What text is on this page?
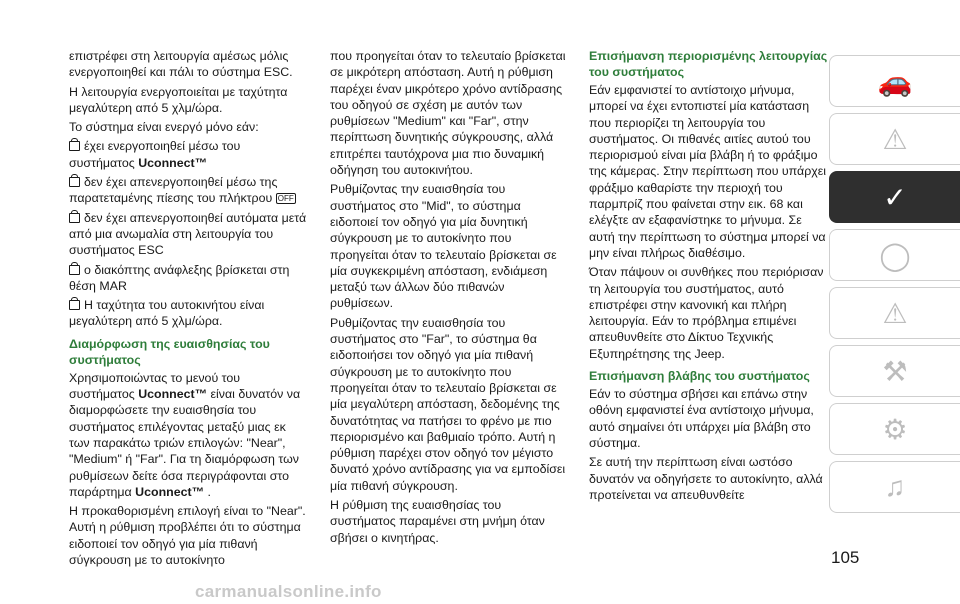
επιστρέφει στη λειτουργία αμέσως μόλις ενεργοποιηθεί και πάλι το σύστημα ESC.

Η λειτουργία ενεργοποιείται με ταχύτητα μεγαλύτερη από 5 χλμ/ώρα.

Το σύστημα είναι ενεργό μόνο εάν:

έχει ενεργοποιηθεί μέσω του συστήματος Uconnect™

δεν έχει απενεργοποιηθεί μέσω της παρατεταμένης πίεσης του πλήκτρου OFF

δεν έχει απενεργοποιηθεί αυτόματα μετά από μια ανωμαλία στη λειτουργία του συστήματος ESC

ο διακόπτης ανάφλεξης βρίσκεται στη θέση MAR

Η ταχύτητα του αυτοκινήτου είναι μεγαλύτερη από 5 χλμ/ώρα.

Διαμόρφωση της ευαισθησίας του συστήματος

Χρησιμοποιώντας το μενού του συστήματος Uconnect™ είναι δυνατόν να διαμορφώσετε την ευαισθησία του συστήματος επιλέγοντας μεταξύ μιας εκ των παρακάτω τριών επιλογών: "Near", "Medium" ή "Far". Για τη διαμόρφωση των ρυθμίσεων δείτε όσα περιγράφονται στο παράρτημα Uconnect™ .

Η προκαθορισμένη επιλογή είναι το "Near". Αυτή η ρύθμιση προβλέπει ότι το σύστημα ειδοποιεί τον οδηγό για μία πιθανή σύγκρουση με το αυτοκίνητο

που προηγείται όταν το τελευταίο βρίσκεται σε μικρότερη απόσταση. Αυτή η ρύθμιση παρέχει έναν μικρότερο χρόνο αντίδρασης του οδηγού σε σχέση με αυτόν των ρυθμίσεων "Medium" και "Far", στην περίπτωση δυνητικής σύγκρουσης, αλλά επιτρέπει ταυτόχρονα μια πιο δυναμική οδήγηση του αυτοκινήτου.

Ρυθμίζοντας την ευαισθησία του συστήματος στο "Mid", το σύστημα ειδοποιεί τον οδηγό για μία δυνητική σύγκρουση με το αυτοκίνητο που προηγείται όταν το τελευταίο βρίσκεται σε μία συγκεκριμένη απόσταση, ενδιάμεση μεταξύ των άλλων δύο πιθανών ρυθμίσεων.

Ρυθμίζοντας την ευαισθησία του συστήματος στο "Far", το σύστημα θα ειδοποιήσει τον οδηγό για μία πιθανή σύγκρουση με το αυτοκίνητο που προηγείται όταν το τελευταίο βρίσκεται σε μία μεγαλύτερη απόσταση, δεδομένης της δυνατότητας να πατήσει το φρένο με πιο περιορισμένο και βαθμιαίο τρόπο. Αυτή η ρύθμιση παρέχει στον οδηγό τον μέγιστο δυνατό χρόνο αντίδρασης για να εμποδίσει μία πιθανή σύγκρουση.

Η ρύθμιση της ευαισθησίας του συστήματος παραμένει στη μνήμη όταν σβήσει ο κινητήρας.

Επισήμανση περιορισμένης λειτουργίας του συστήματος

Εάν εμφανιστεί το αντίστοιχο μήνυμα, μπορεί να έχει εντοπιστεί μία κατάσταση που περιορίζει τη λειτουργία του συστήματος. Οι πιθανές αιτίες αυτού του περιορισμού είναι μία βλάβη ή το φράξιμο της κάμερας. Στην περίπτωση που υπάρχει φράξιμο καθαρίστε την περιοχή του παρμπρίζ που φαίνεται στην εικ. 68 και ελέγξτε αν εξαφανίστηκε το μήνυμα. Σε αυτή την περίπτωση το σύστημα μπορεί να μην είναι πλήρως διαθέσιμο.

Όταν πάψουν οι συνθήκες που περιόρισαν τη λειτουργία του συστήματος, αυτό επιστρέφει στην κανονική και πλήρη λειτουργία. Εάν το πρόβλημα επιμένει απευθυνθείτε στο Δίκτυο Τεχνικής Εξυπηρέτησης της Jeep.

Επισήμανση βλάβης του συστήματος

Εάν το σύστημα σβήσει και επάνω στην οθόνη εμφανιστεί ένα αντίστοιχο μήνυμα, αυτό σημαίνει ότι υπάρχει μία βλάβη στο σύστημα.

Σε αυτή την περίπτωση είναι ωστόσο δυνατόν να οδηγήσετε το αυτοκίνητο, αλλά προτείνεται να απευθυνθείτε

🚗
⚠
✓
◯
⚠
⚒
⚙
♫
105
carmanualsonline.info
